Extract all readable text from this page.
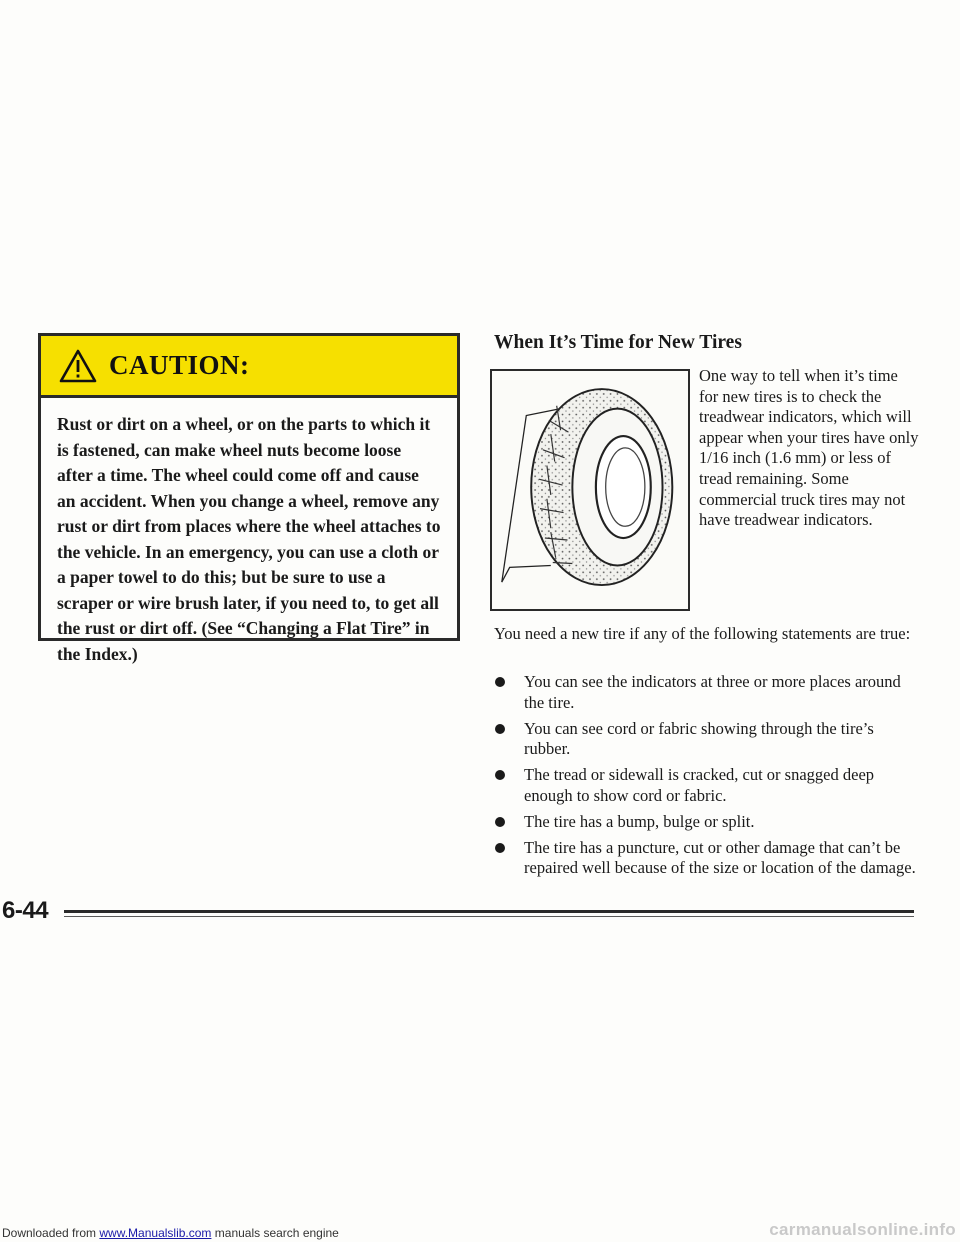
CAUTION:

Rust or dirt on a wheel, or on the parts to which it is fastened, can make wheel nuts become loose after a time. The wheel could come off and cause an accident. When you change a wheel, remove any rust or dirt from places where the wheel attaches to the vehicle. In an emergency, you can use a cloth or a paper towel to do this; but be sure to use a scraper or wire brush later, if you need to, to get all the rust or dirt off. (See “Changing a Flat Tire” in the Index.)

When It’s Time for New Tires

One way to tell when it’s time for new tires is to check the treadwear indicators, which will appear when your tires have only 1/16 inch (1.6 mm) or less of tread remaining. Some commercial truck tires may not have treadwear indicators.

You need a new tire if any of the following statements are true:

You can see the indicators at three or more places around the tire.
You can see cord or fabric showing through the tire’s rubber.
The tread or sidewall is cracked, cut or snagged deep enough to show cord or fabric.
The tire has a bump, bulge or split.
The tire has a puncture, cut or other damage that can’t be repaired well because of the size or location of the damage.
6-44
Downloaded from www.Manualslib.com manuals search engine	carmanualsonline.info
